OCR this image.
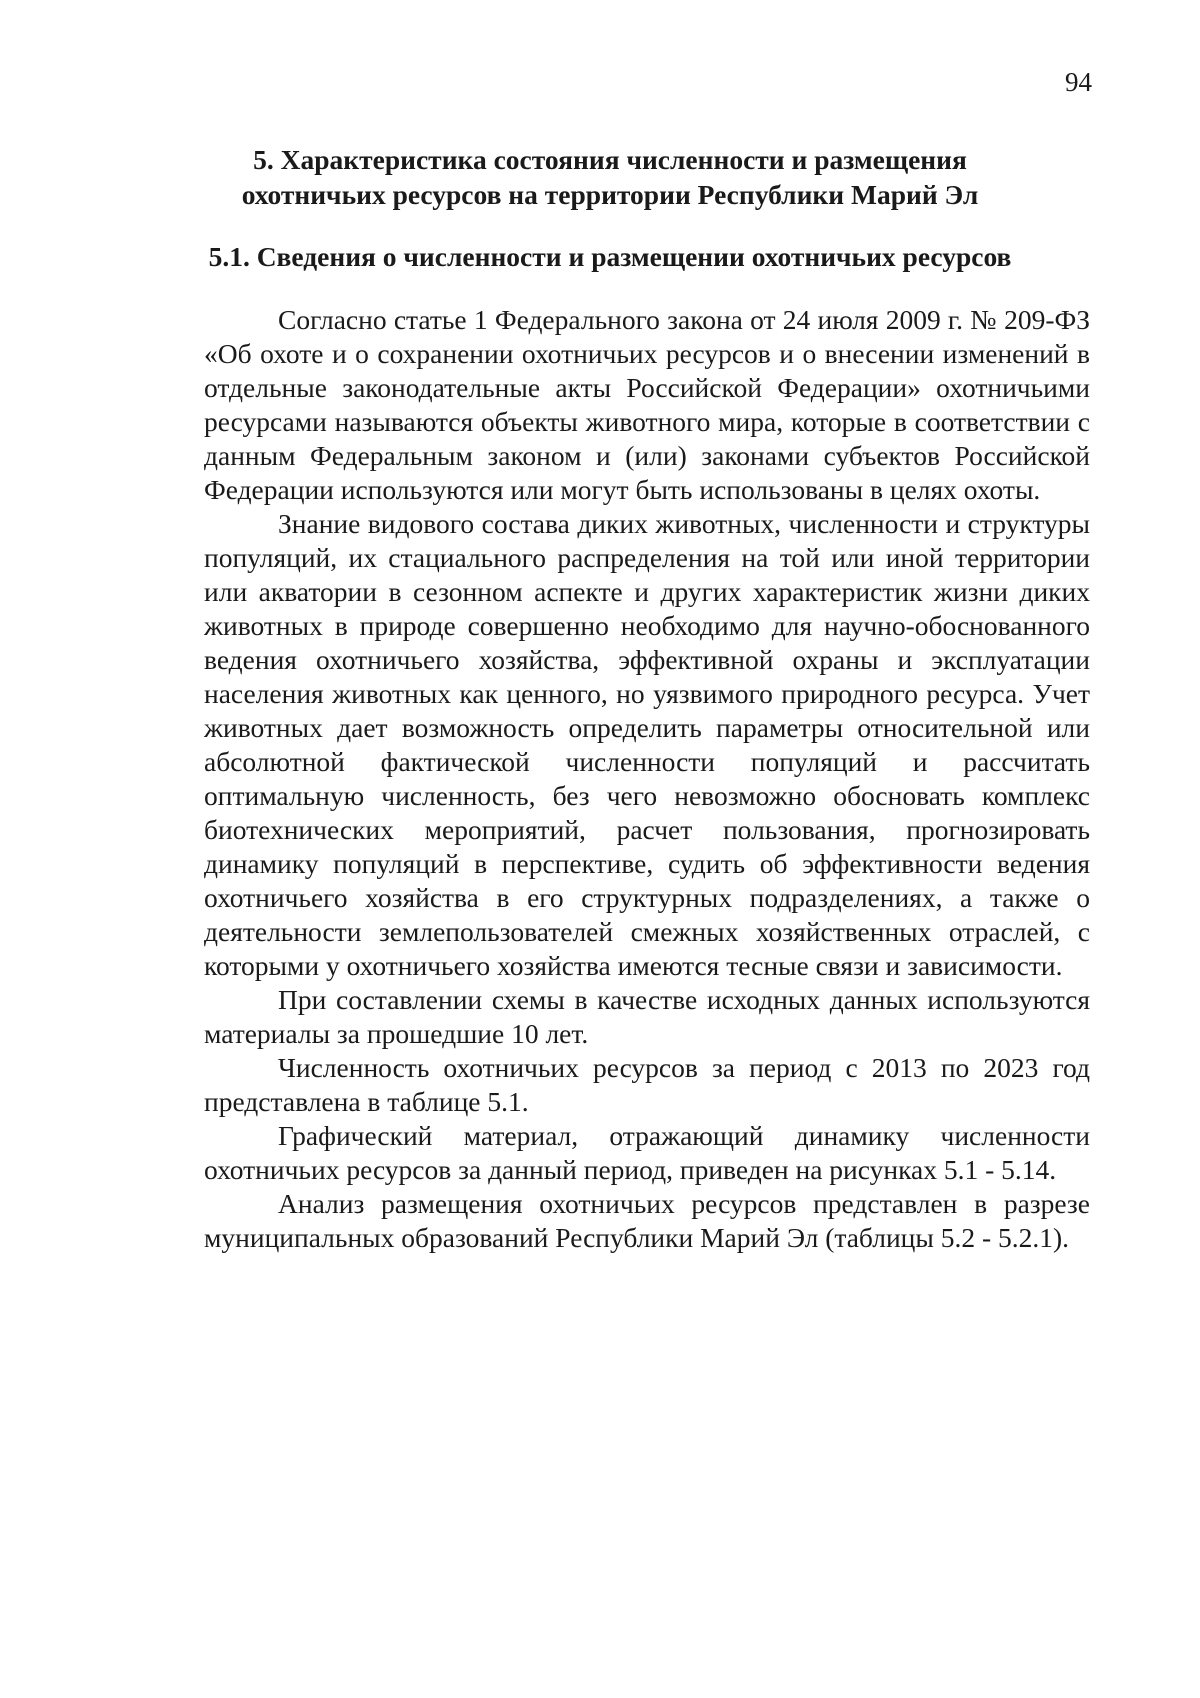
94
5. Характеристика состояния численности и размещения
охотничьих ресурсов на территории Республики Марий Эл
5.1. Сведения о численности и размещении охотничьих ресурсов

Согласно статье 1 Федерального закона от 24 июля 2009 г. № 209-ФЗ «Об охоте и о сохранении охотничьих ресурсов и о внесении изменений в отдельные законодательные акты Российской Федерации» охотничьими ресурсами называются объекты животного мира, которые в соответствии с данным Федеральным законом и (или) законами субъектов Российской Федерации используются или могут быть использованы в целях охоты.

Знание видового состава диких животных, численности и структуры популяций, их стациального распределения на той или иной территории или акватории в сезонном аспекте и других характеристик жизни диких животных в природе совершенно необходимо для научно-обоснованного ведения охотничьего хозяйства, эффективной охраны и эксплуатации населения животных как ценного, но уязвимого природного ресурса. Учет животных дает возможность определить параметры относительной или абсолютной фактической численности популяций и рассчитать оптимальную численность, без чего невозможно обосновать комплекс биотехнических мероприятий, расчет пользования, прогнозировать динамику популяций в перспективе, судить об эффективности ведения охотничьего хозяйства в его структурных подразделениях, а также о деятельности землепользователей смежных хозяйственных отраслей, с которыми у охотничьего хозяйства имеются тесные связи и зависимости.

При составлении схемы в качестве исходных данных используются материалы за прошедшие 10 лет.

Численность охотничьих ресурсов за период с 2013 по 2023 год представлена в таблице 5.1.

Графический материал, отражающий динамику численности охотничьих ресурсов за данный период, приведен на рисунках 5.1 - 5.14.

Анализ размещения охотничьих ресурсов представлен в разрезе муниципальных образований Республики Марий Эл (таблицы 5.2 - 5.2.1).
